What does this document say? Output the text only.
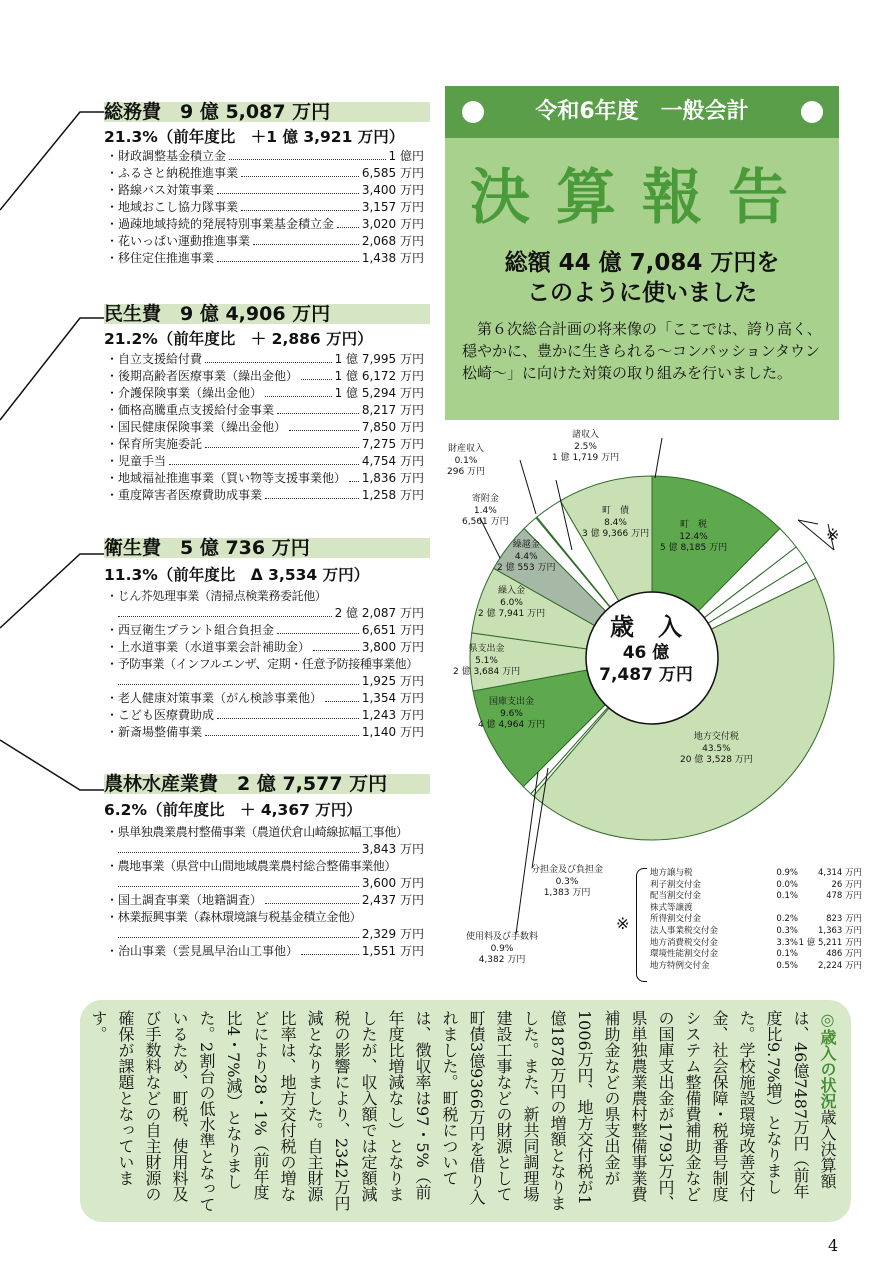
総務費　9 億 5,087 万円
21.3%（前年度比　＋1 億 3,921 万円）
・財政調整基金積立金	1 億円
・ふるさと納税推進事業	6,585 万円
・路線バス対策事業	3,400 万円
・地域おこし協力隊事業	3,157 万円
・過疎地域持続的発展特別事業基金積立金 3,020 万円
・花いっぱい運動推進事業	2,068 万円
・移住定住推進事業	1,438 万円
民生費　9 億 4,906 万円
21.2%（前年度比　＋ 2,886 万円）
・自立支援給付費	1 億 7,995 万円
・後期高齢者医療事業（繰出金他）	1 億 6,172 万円
・介護保険事業（繰出金他）	1 億 5,294 万円
・価格高騰重点支援給付金事業	8,217 万円
・国民健康保険事業（繰出金他）	7,850 万円
・保育所実施委託	7,275 万円
・児童手当	4,754 万円
・地域福祉推進事業（買い物等支援事業他） 1,836 万円
・重度障害者医療費助成事業	1,258 万円
衛生費　5 億 736 万円
11.3%（前年度比　Δ 3,534 万円）
・じん芥処理事業（清掃点検業務委託他）
2 億 2,087 万円
・西豆衛生プラント組合負担金	6,651 万円
・上水道事業（水道事業会計補助金）	3,800 万円
・予防事業（インフルエンザ、定期・任意予防接種事業他）
1,925 万円
・老人健康対策事業（がん検診事業他）	1,354 万円
・こども医療費助成	1,243 万円
・新斎場整備事業	1,140 万円
農林水産業費　2 億 7,577 万円
6.2%（前年度比　＋ 4,367 万円）
・県単独農業農村整備事業（農道伏倉山崎線拡幅工事他）
3,843 万円
・農地事業（県営中山間地域農業農村総合整備事業他）
3,600 万円
・国土調査事業（地籍調査）	2,437 万円
・林業振興事業（森林環境譲与税基金積立金他）
2,329 万円
・治山事業（雲見風早治山工事他）	1,551 万円
令和6年度　一般会計
決算報告
総額 44 億 7,084 万円を
このように使いました
第６次総合計画の将来像の「ここでは、誇り高く、穏やかに、豊かに生きられる～コンパッションタウン松崎～」に向けた対策の取り組みを行いました。
歳　入
46 億
7,487 万円
町　税
12.4%
5 億 8,185 万円
地方交付税
43.5%
20 億 3,528 万円
分担金及び負担金
0.3%
1,383 万円
使用料及び手数料
0.9%
4,382 万円
国庫支出金
9.6%
4 億 4,964 万円
県支出金
5.1%
2 億 3,684 万円
繰入金
6.0%
2 億 7,941 万円
繰越金
4.4%
2 億 553 万円
寄附金
1.4%
6,561 万円
財産収入
0.1%
296 万円
諸収入
2.5%
1 億 1,719 万円
町　債
8.4%
3 億 9,366 万円	※
※
地方譲与税	0.9%	4,314 万円
利子割交付金	0.0%	26 万円
配当割交付金	0.1%	478 万円
株式等譲渡
所得割交付金	0.2%	823 万円
法人事業税交付金	0.3%	1,363 万円
地方消費税交付金	3.3% 1 億 5,211 万円
環境性能割交付金	0.1%	486 万円
地方特例交付金	0.5%	2,224 万円
◎歳入の状況歳入決算額は、46億7487万円（前年度比9.7%増）となりました。学校施設環境改善交付金、社会保障・税番号制度システム整備費補助金などの国庫支出金が1793万円、県単独農業農村整備事業費補助金などの県支出金が1006万円、地方交付税が1億1878万円の増額となりました。また、新共同調理場建設工事などの財源として町債3億9366万円を借り入れました。町税については、徴収率は97・5%（前年度比増減なし）となりましたが、収入額では定額減税の影響により、2342万円減となりました。自主財源比率は、地方交付税の増などにより28・1%（前年度比4・7%減）となりました。2割台の低水準となっているため、町税、使用料及び手数料などの自主財源の確保が課題となっています。
4
